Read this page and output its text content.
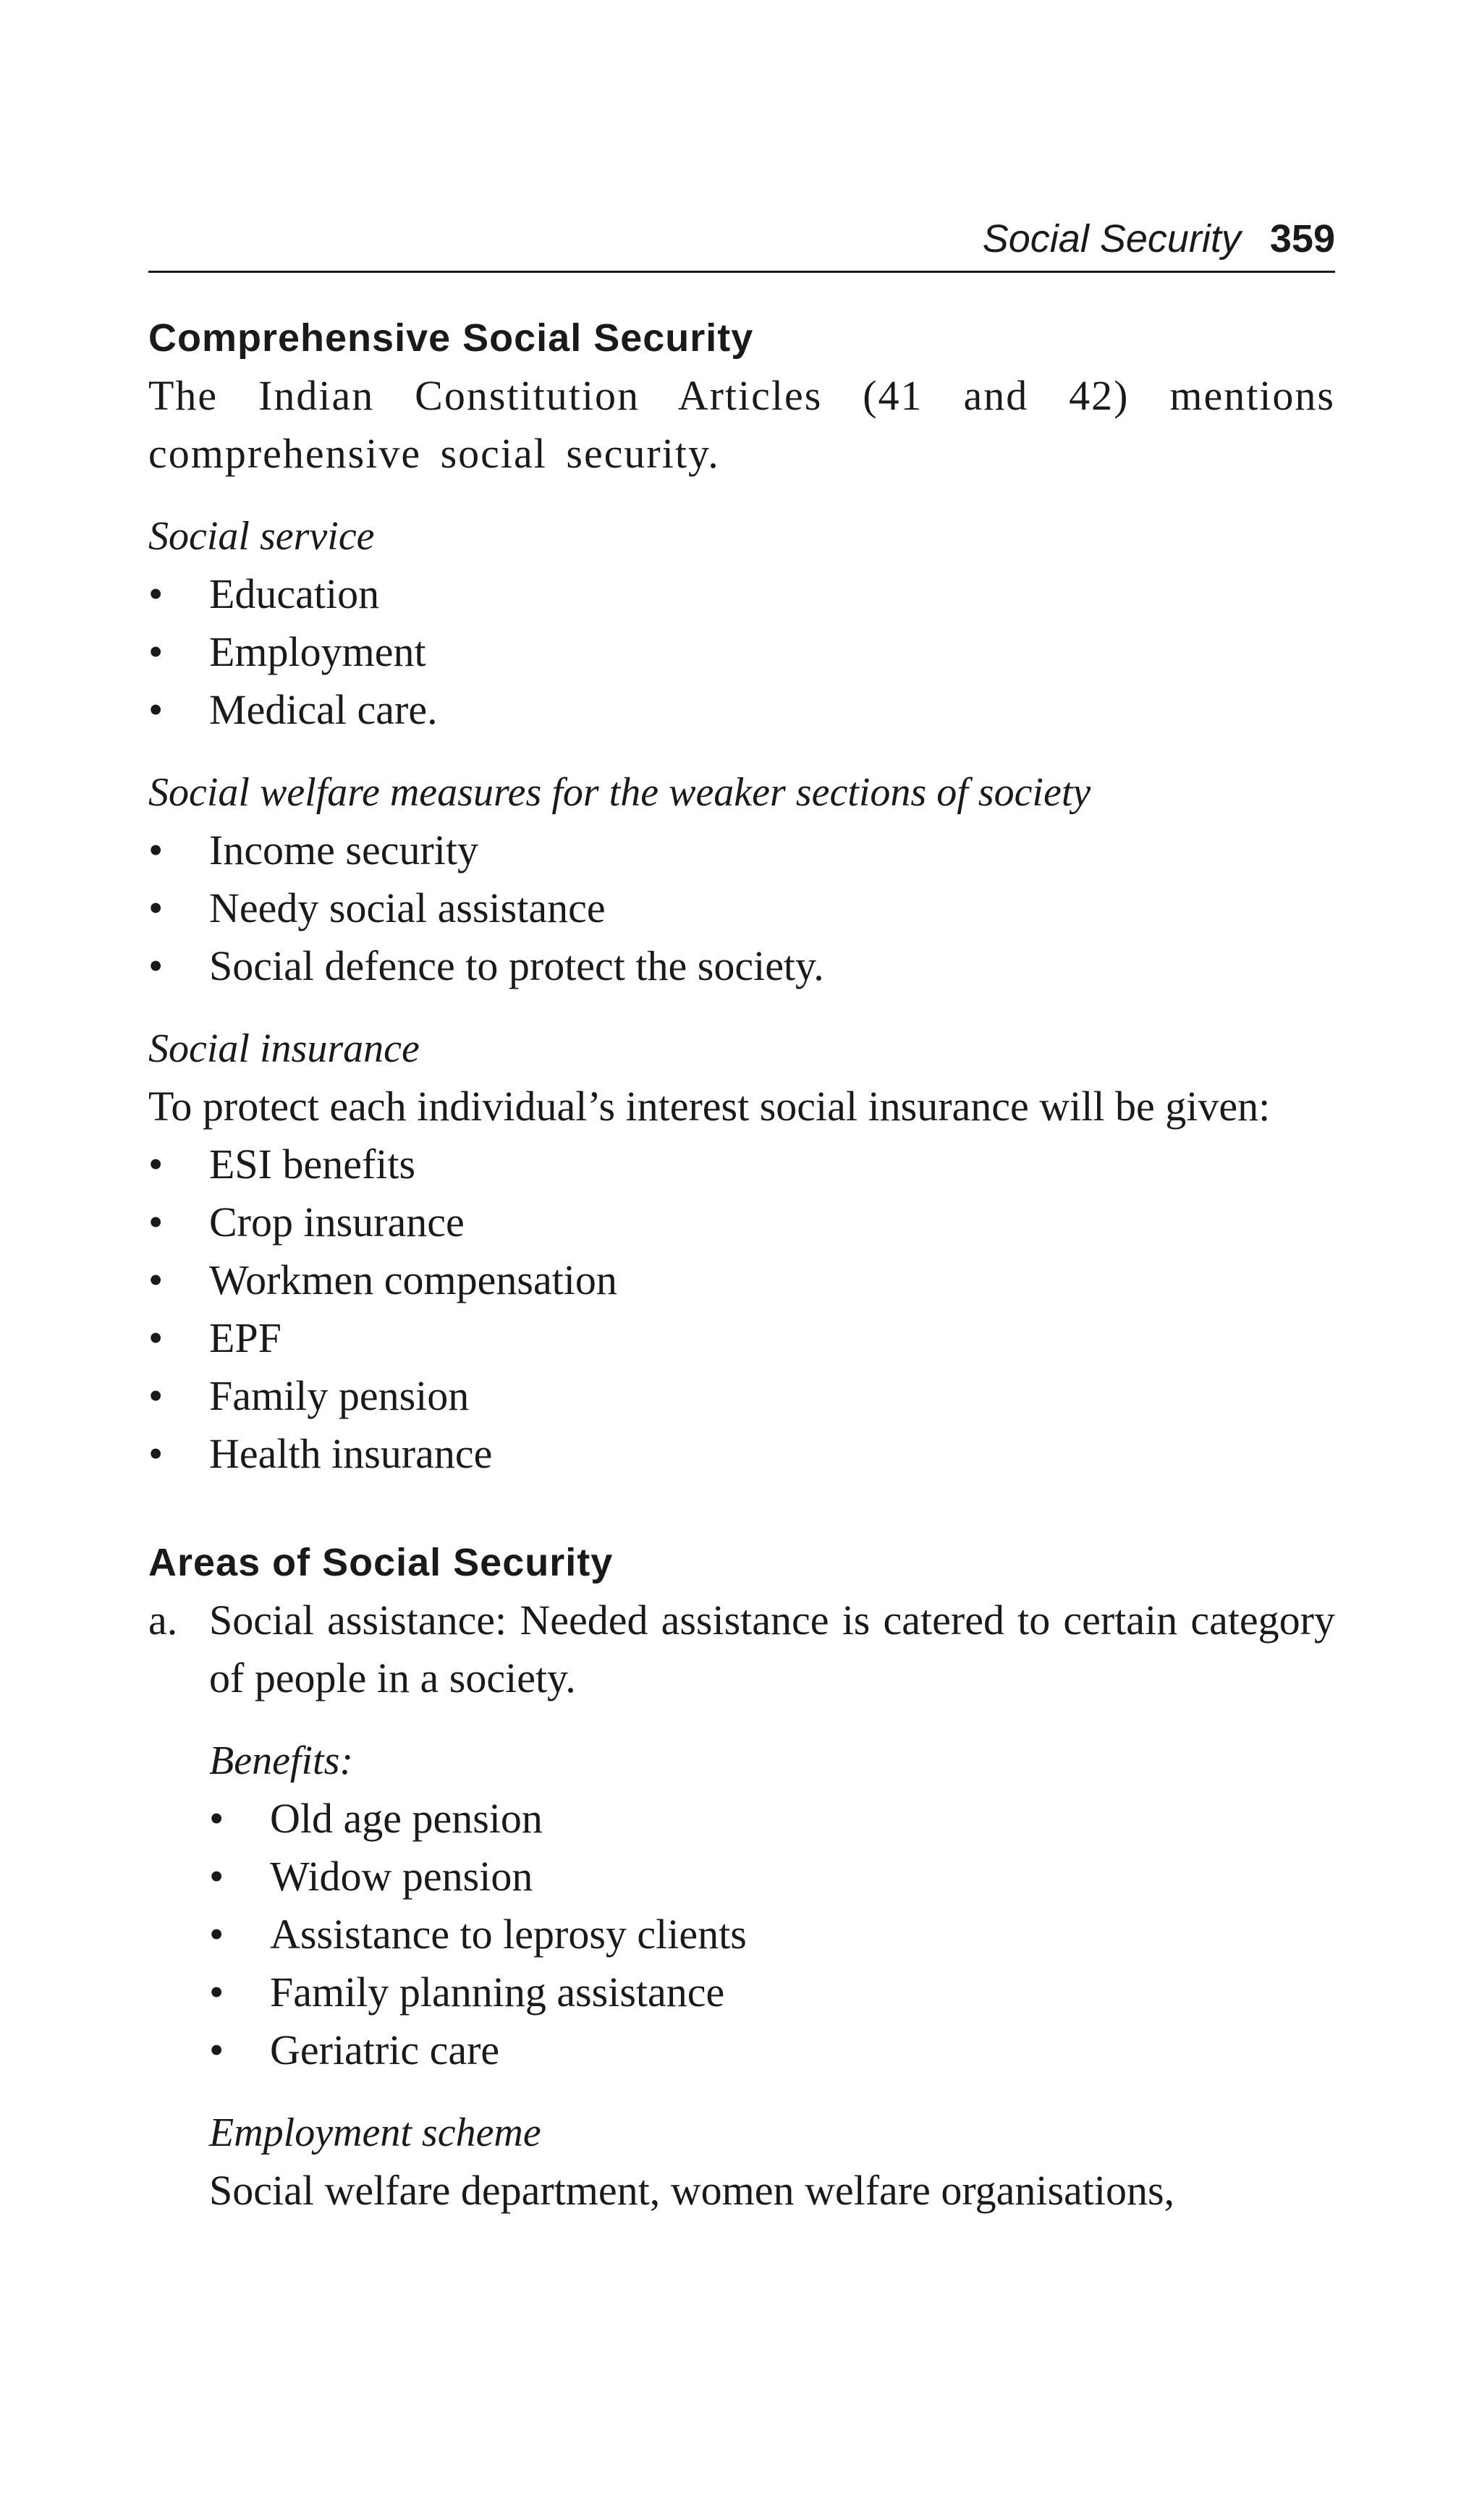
Social Security 359
Comprehensive Social Security

The Indian Constitution Articles (41 and 42) mentions comprehensive social security.

Social service

•	Education
•	Employment
•	Medical care.

Social welfare measures for the weaker sections of society

•	Income security
•	Needy social assistance
•	Social defence to protect the society.

Social insurance

To protect each individual’s interest social insurance will be given:

•	ESI benefits
•	Crop insurance
•	Workmen compensation
•	EPF
•	Family pension
•	Health insurance
Areas of Social Security
a. Social assistance: Needed assistance is catered to certain category of people in a society.

Benefits:

•	Old age pension
•	Widow pension
•	Assistance to leprosy clients
•	Family planning assistance
•	Geriatric care

Employment scheme

Social welfare department, women welfare organisations,
